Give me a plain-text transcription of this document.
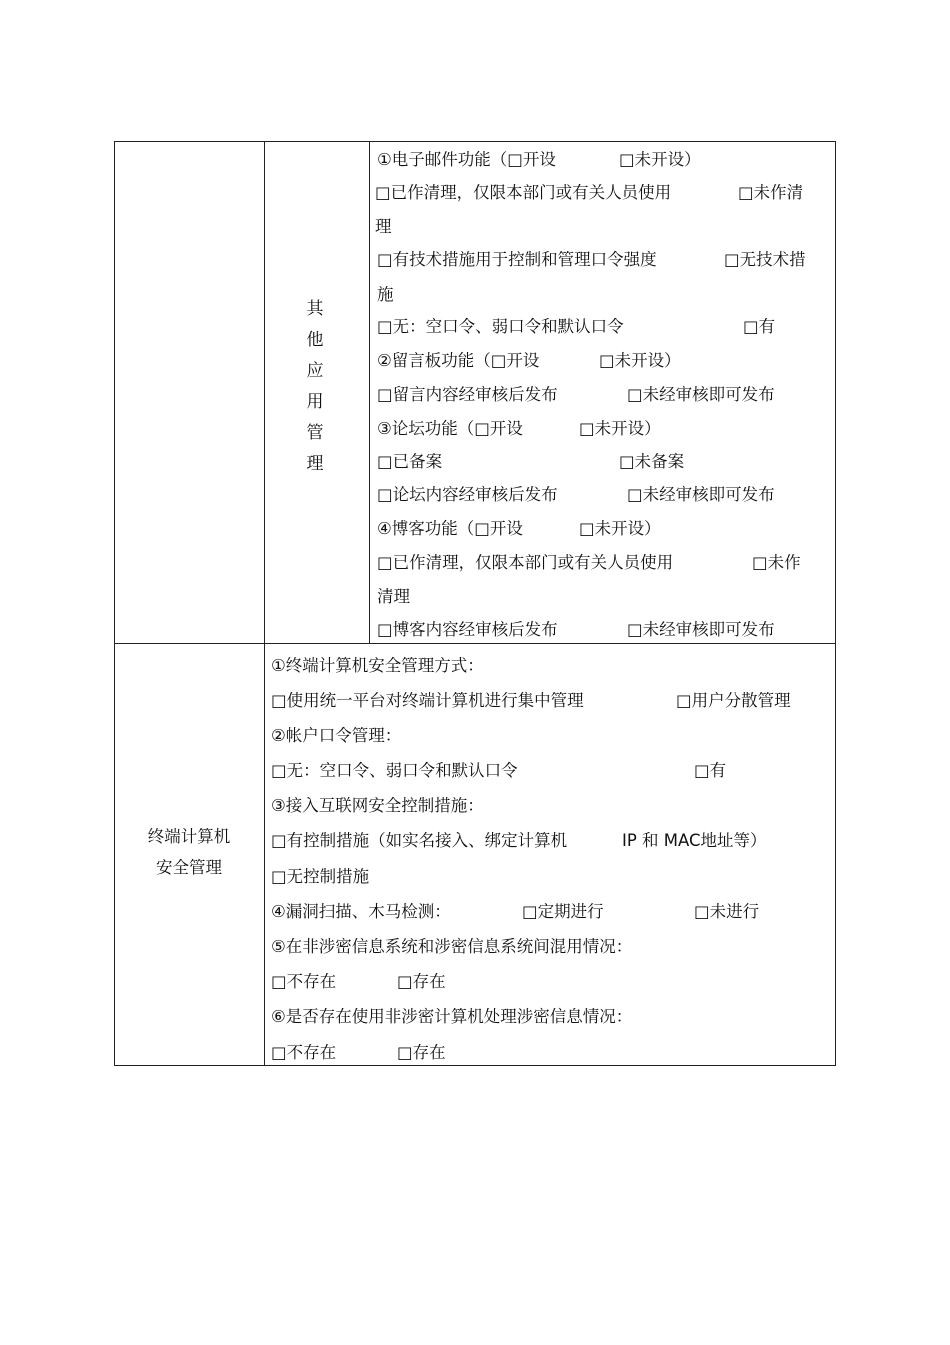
其
他
应
用
管
理
①电子邮件功能（□开设	□未开设）
□已作清理，仅限本部门或有关人员使用	□未作清
理
□有技术措施用于控制和管理口令强度	□无技术措
施
□无：空口令、弱口令和默认口令	□有
②留言板功能（□开设	□未开设）
□留言内容经审核后发布	□未经审核即可发布
③论坛功能（□开设	□未开设）
□已备案	□未备案
□论坛内容经审核后发布	□未经审核即可发布
④博客功能（□开设	□未开设）
□已作清理，仅限本部门或有关人员使用	□未作
清理
□博客内容经审核后发布	□未经审核即可发布
终端计算机
安全管理
①终端计算机安全管理方式：
□使用统一平台对终端计算机进行集中管理	□用户分散管理
②帐户口令管理：
□无：空口令、弱口令和默认口令	□有
③接入互联网安全控制措施：
□有控制措施（如实名接入、绑定计算机	IP 和 MAC地址等）
□无控制措施
④漏洞扫描、木马检测：	□定期进行	□未进行
⑤在非涉密信息系统和涉密信息系统间混用情况：
□不存在	□存在
⑥是否存在使用非涉密计算机处理涉密信息情况：
□不存在	□存在
